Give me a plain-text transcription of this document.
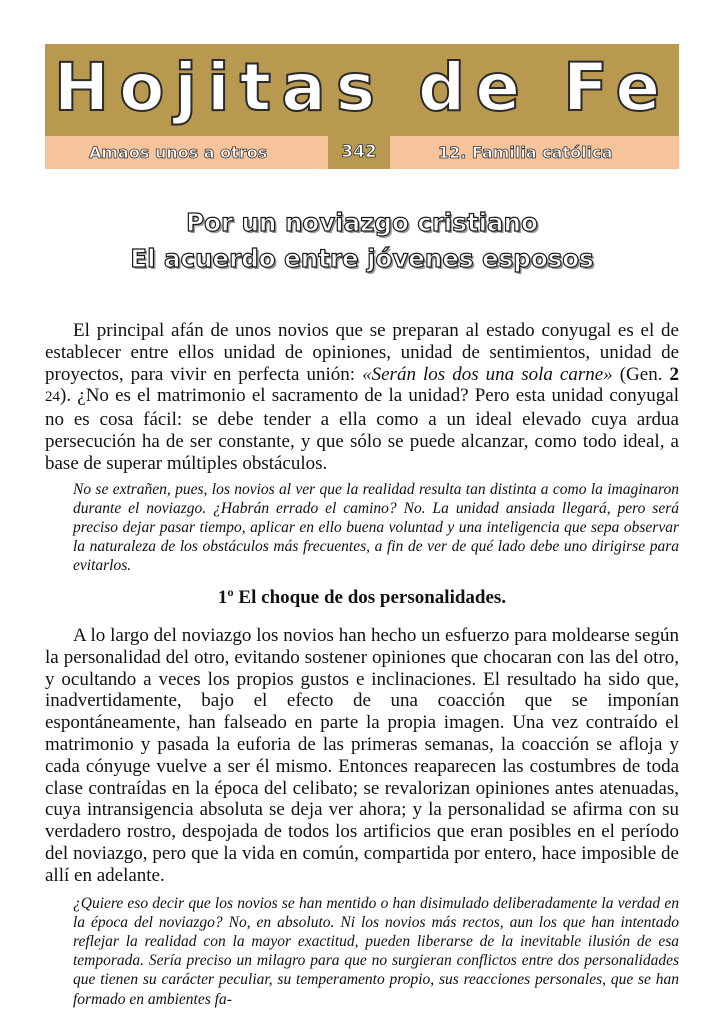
Hojitas de Fe
Amaos unos a otros	342	12. Familia católica
Por un noviazgo cristiano
El acuerdo entre jóvenes esposos

El principal afán de unos novios que se preparan al estado conyugal es el de establecer entre ellos unidad de opiniones, unidad de sentimientos, unidad de proyectos, para vivir en perfecta unión: «Serán los dos una sola carne» (Gen. 2 24). ¿No es el matrimonio el sacramento de la unidad? Pero esta unidad conyugal no es cosa fácil: se debe tender a ella como a un ideal elevado cuya ardua persecución ha de ser constante, y que sólo se puede alcanzar, como todo ideal, a base de superar múltiples obstáculos.

No se extrañen, pues, los novios al ver que la realidad resulta tan distinta a como la imaginaron durante el noviazgo. ¿Habrán errado el camino? No. La unidad ansiada llegará, pero será preciso dejar pasar tiempo, aplicar en ello buena voluntad y una inteligencia que sepa observar la naturaleza de los obstáculos más frecuentes, a fin de ver de qué lado debe uno dirigirse para evitarlos.

1º El choque de dos personalidades.

A lo largo del noviazgo los novios han hecho un esfuerzo para moldearse según la personalidad del otro, evitando sostener opiniones que chocaran con las del otro, y ocultando a veces los propios gustos e inclinaciones. El resultado ha sido que, inadvertidamente, bajo el efecto de una coacción que se imponían espontáneamente, han falseado en parte la propia imagen. Una vez contraído el matrimonio y pasada la euforia de las primeras semanas, la coacción se afloja y cada cónyuge vuelve a ser él mismo. Entonces reaparecen las costumbres de toda clase contraídas en la época del celibato; se revalorizan opiniones antes atenuadas, cuya intransigencia absoluta se deja ver ahora; y la personalidad se afirma con su verdadero rostro, despojada de todos los artificios que eran posibles en el período del noviazgo, pero que la vida en común, compartida por entero, hace imposible de allí en adelante.

¿Quiere eso decir que los novios se han mentido o han disimulado deliberadamente la verdad en la época del noviazgo? No, en absoluto. Ni los novios más rectos, aun los que han intentado reflejar la realidad con la mayor exactitud, pueden liberarse de la inevitable ilusión de esa temporada. Sería preciso un milagro para que no surgieran conflictos entre dos personalidades que tienen su carácter peculiar, su temperamento propio, sus reacciones personales, que se han formado en ambientes fa-
